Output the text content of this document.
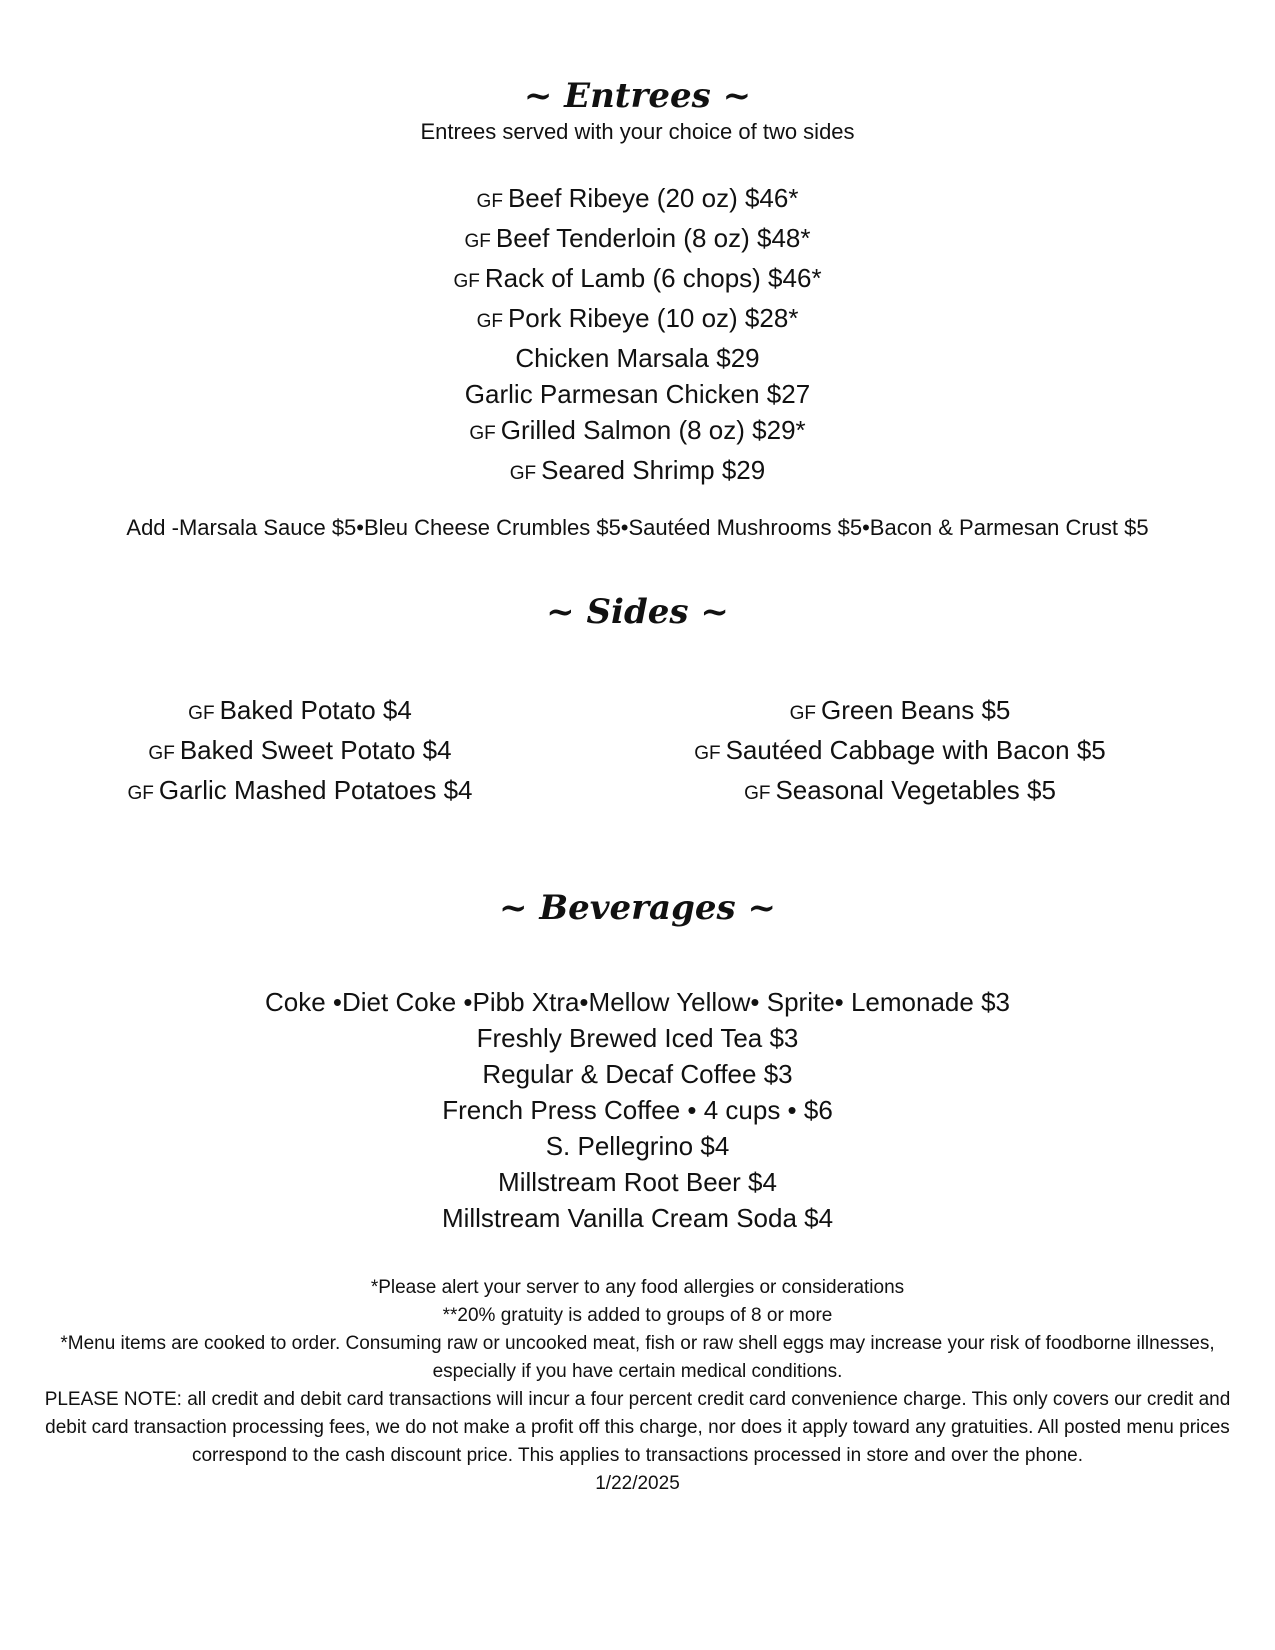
~ Entrees ~
Entrees served with your choice of two sides
GF Beef Ribeye (20 oz) $46*
GF Beef Tenderloin (8 oz) $48*
GF Rack of Lamb (6 chops) $46*
GF Pork Ribeye (10 oz) $28*
Chicken Marsala $29
Garlic Parmesan Chicken $27
GF Grilled Salmon (8 oz) $29*
GF Seared Shrimp $29
Add -Marsala Sauce $5•Bleu Cheese Crumbles $5•Sautéed Mushrooms $5•Bacon & Parmesan Crust $5
~ Sides ~
GF Baked Potato $4
GF Baked Sweet Potato $4
GF Garlic Mashed Potatoes $4
GF Green Beans $5
GF Sautéed Cabbage with Bacon $5
GF Seasonal Vegetables $5
~ Beverages ~
Coke •Diet Coke •Pibb Xtra•Mellow Yellow• Sprite• Lemonade $3
Freshly Brewed Iced Tea $3
Regular & Decaf Coffee $3
French Press Coffee • 4 cups • $6
S. Pellegrino $4
Millstream Root Beer $4
Millstream Vanilla Cream Soda $4

*Please alert your server to any food allergies or considerations

**20% gratuity is added to groups of 8 or more

*Menu items are cooked to order. Consuming raw or uncooked meat, fish or raw shell eggs may increase your risk of foodborne illnesses, especially if you have certain medical conditions.

PLEASE NOTE: all credit and debit card transactions will incur a four percent credit card convenience charge. This only covers our credit and debit card transaction processing fees, we do not make a profit off this charge, nor does it apply toward any gratuities. All posted menu prices correspond to the cash discount price. This applies to transactions processed in store and over the phone.

1/22/2025
